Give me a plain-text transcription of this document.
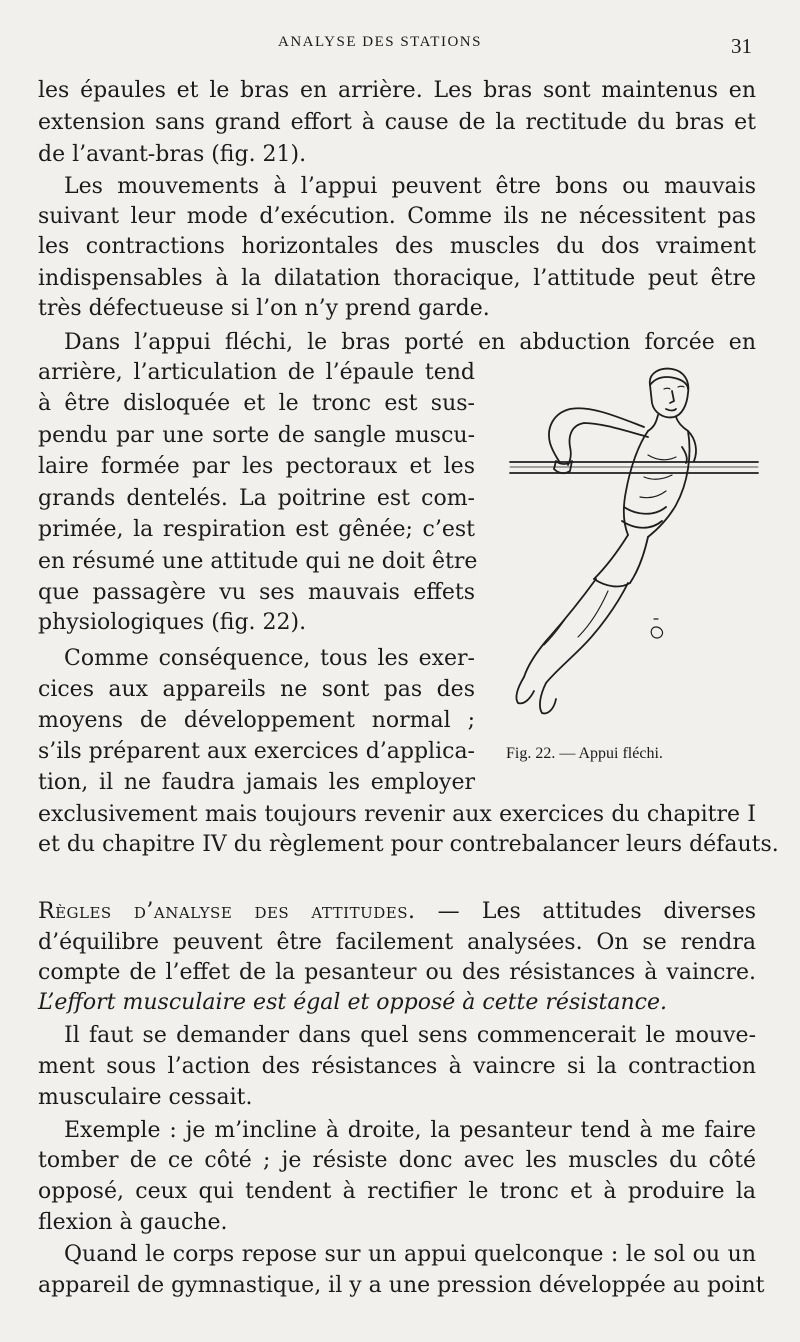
ANALYSE DES STATIONS	31
les épaules et le bras en arrière. Les bras sont maintenus en
extension sans grand effort à cause de la rectitude du bras et
de l’avant-bras (fig. 21).
Les mouvements à l’appui peuvent être bons ou mauvais
suivant leur mode d’exécution. Comme ils ne nécessitent pas
les contractions horizontales des muscles du dos vraiment
indispensables à la dilatation thoracique, l’attitude peut être
très défectueuse si l’on n’y prend garde.
Dans l’appui fléchi, le bras porté en abduction forcée en
arrière, l’articulation de l’épaule tend
à être disloquée et le tronc est sus-
pendu par une sorte de sangle muscu-
laire formée par les pectoraux et les
grands dentelés. La poitrine est com-
primée, la respiration est gênée; c’est
en résumé une attitude qui ne doit être
que passagère vu ses mauvais effets
physiologiques (fig. 22).
Comme conséquence, tous les exer-
cices aux appareils ne sont pas des
moyens de développement normal ;
s’ils préparent aux exercices d’applica-
tion, il ne faudra jamais les employer
exclusivement mais toujours revenir aux exercices du chapitre I
et du chapitre IV du règlement pour contrebalancer leurs défauts.
Fig. 22. — Appui fléchi.
Règles d’analyse des attitudes. — Les attitudes diverses
d’équilibre peuvent être facilement analysées. On se rendra
compte de l’effet de la pesanteur ou des résistances à vaincre.
L’effort musculaire est égal et opposé à cette résistance.
Il faut se demander dans quel sens commencerait le mouve-
ment sous l’action des résistances à vaincre si la contraction
musculaire cessait.
Exemple : je m’incline à droite, la pesanteur tend à me faire
tomber de ce côté ; je résiste donc avec les muscles du côté
opposé, ceux qui tendent à rectifier le tronc et à produire la
flexion à gauche.
Quand le corps repose sur un appui quelconque : le sol ou un
appareil de gymnastique, il y a une pression développée au point
